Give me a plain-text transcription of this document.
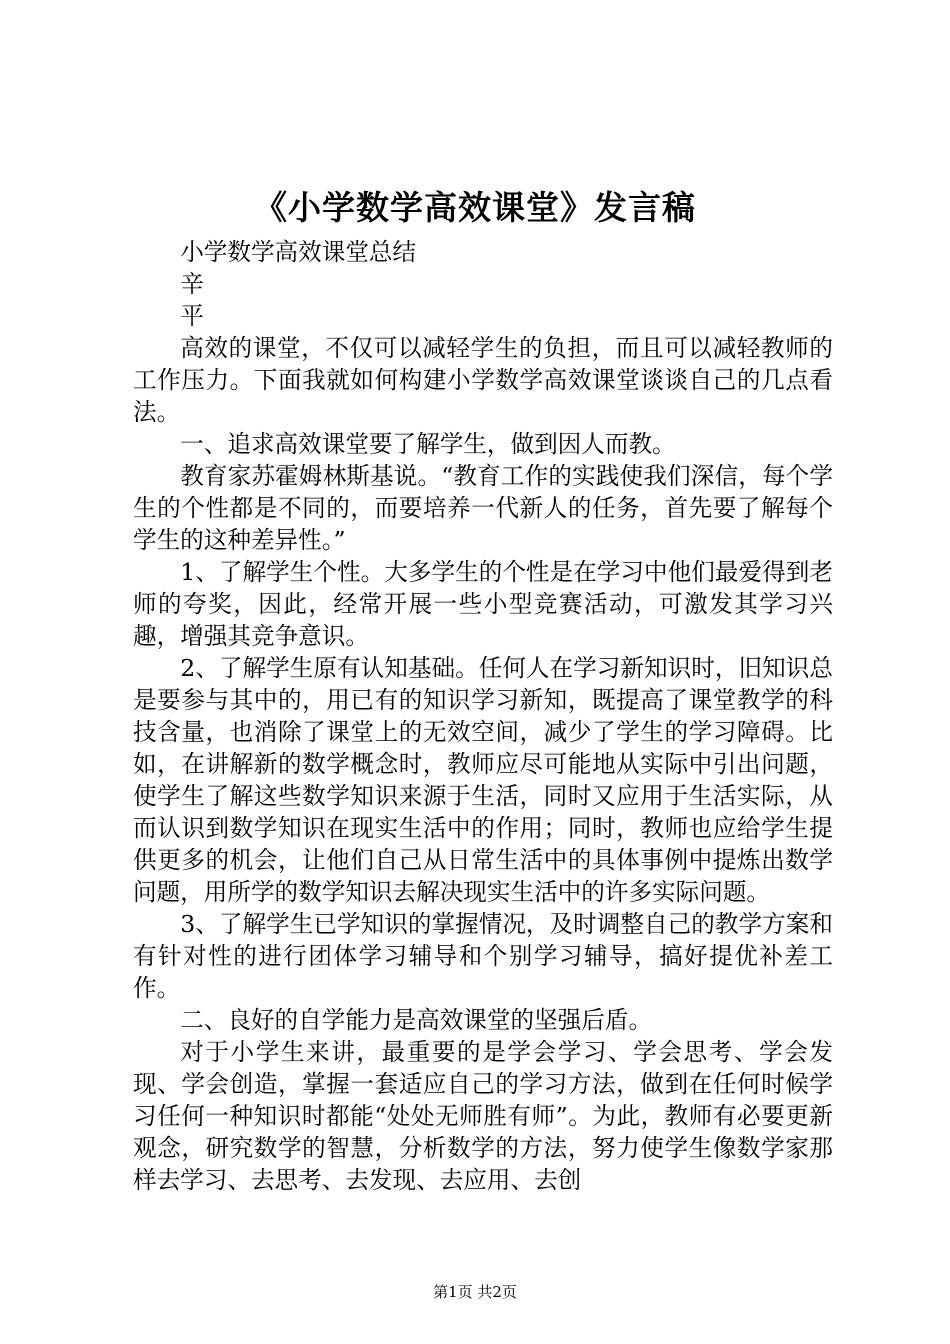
《小学数学高效课堂》发言稿

小学数学高效课堂总结

辛

平

高效的课堂，不仅可以减轻学生的负担，而且可以减轻教师的工作压力。下面我就如何构建小学数学高效课堂谈谈自己的几点看法。

一、追求高效课堂要了解学生，做到因人而教。

教育家苏霍姆林斯基说。“教育工作的实践使我们深信，每个学生的个性都是不同的，而要培养一代新人的任务，首先要了解每个学生的这种差异性。”

1、了解学生个性。大多学生的个性是在学习中他们最爱得到老师的夸奖，因此，经常开展一些小型竞赛活动，可激发其学习兴趣，增强其竞争意识。

2、了解学生原有认知基础。任何人在学习新知识时，旧知识总是要参与其中的，用已有的知识学习新知，既提高了课堂教学的科技含量，也消除了课堂上的无效空间，减少了学生的学习障碍。比如，在讲解新的数学概念时，教师应尽可能地从实际中引出问题，使学生了解这些数学知识来源于生活，同时又应用于生活实际，从而认识到数学知识在现实生活中的作用；同时，教师也应给学生提供更多的机会，让他们自己从日常生活中的具体事例中提炼出数学问题，用所学的数学知识去解决现实生活中的许多实际问题。

3、了解学生已学知识的掌握情况，及时调整自己的教学方案和有针对性的进行团体学习辅导和个别学习辅导，搞好提优补差工作。

二、良好的自学能力是高效课堂的坚强后盾。

对于小学生来讲，最重要的是学会学习、学会思考、学会发现、学会创造，掌握一套适应自己的学习方法，做到在任何时候学习任何一种知识时都能“处处无师胜有师”。为此，教师有必要更新观念，研究数学的智慧，分析数学的方法，努力使学生像数学家那样去学习、去思考、去发现、去应用、去创

第1页 共2页
